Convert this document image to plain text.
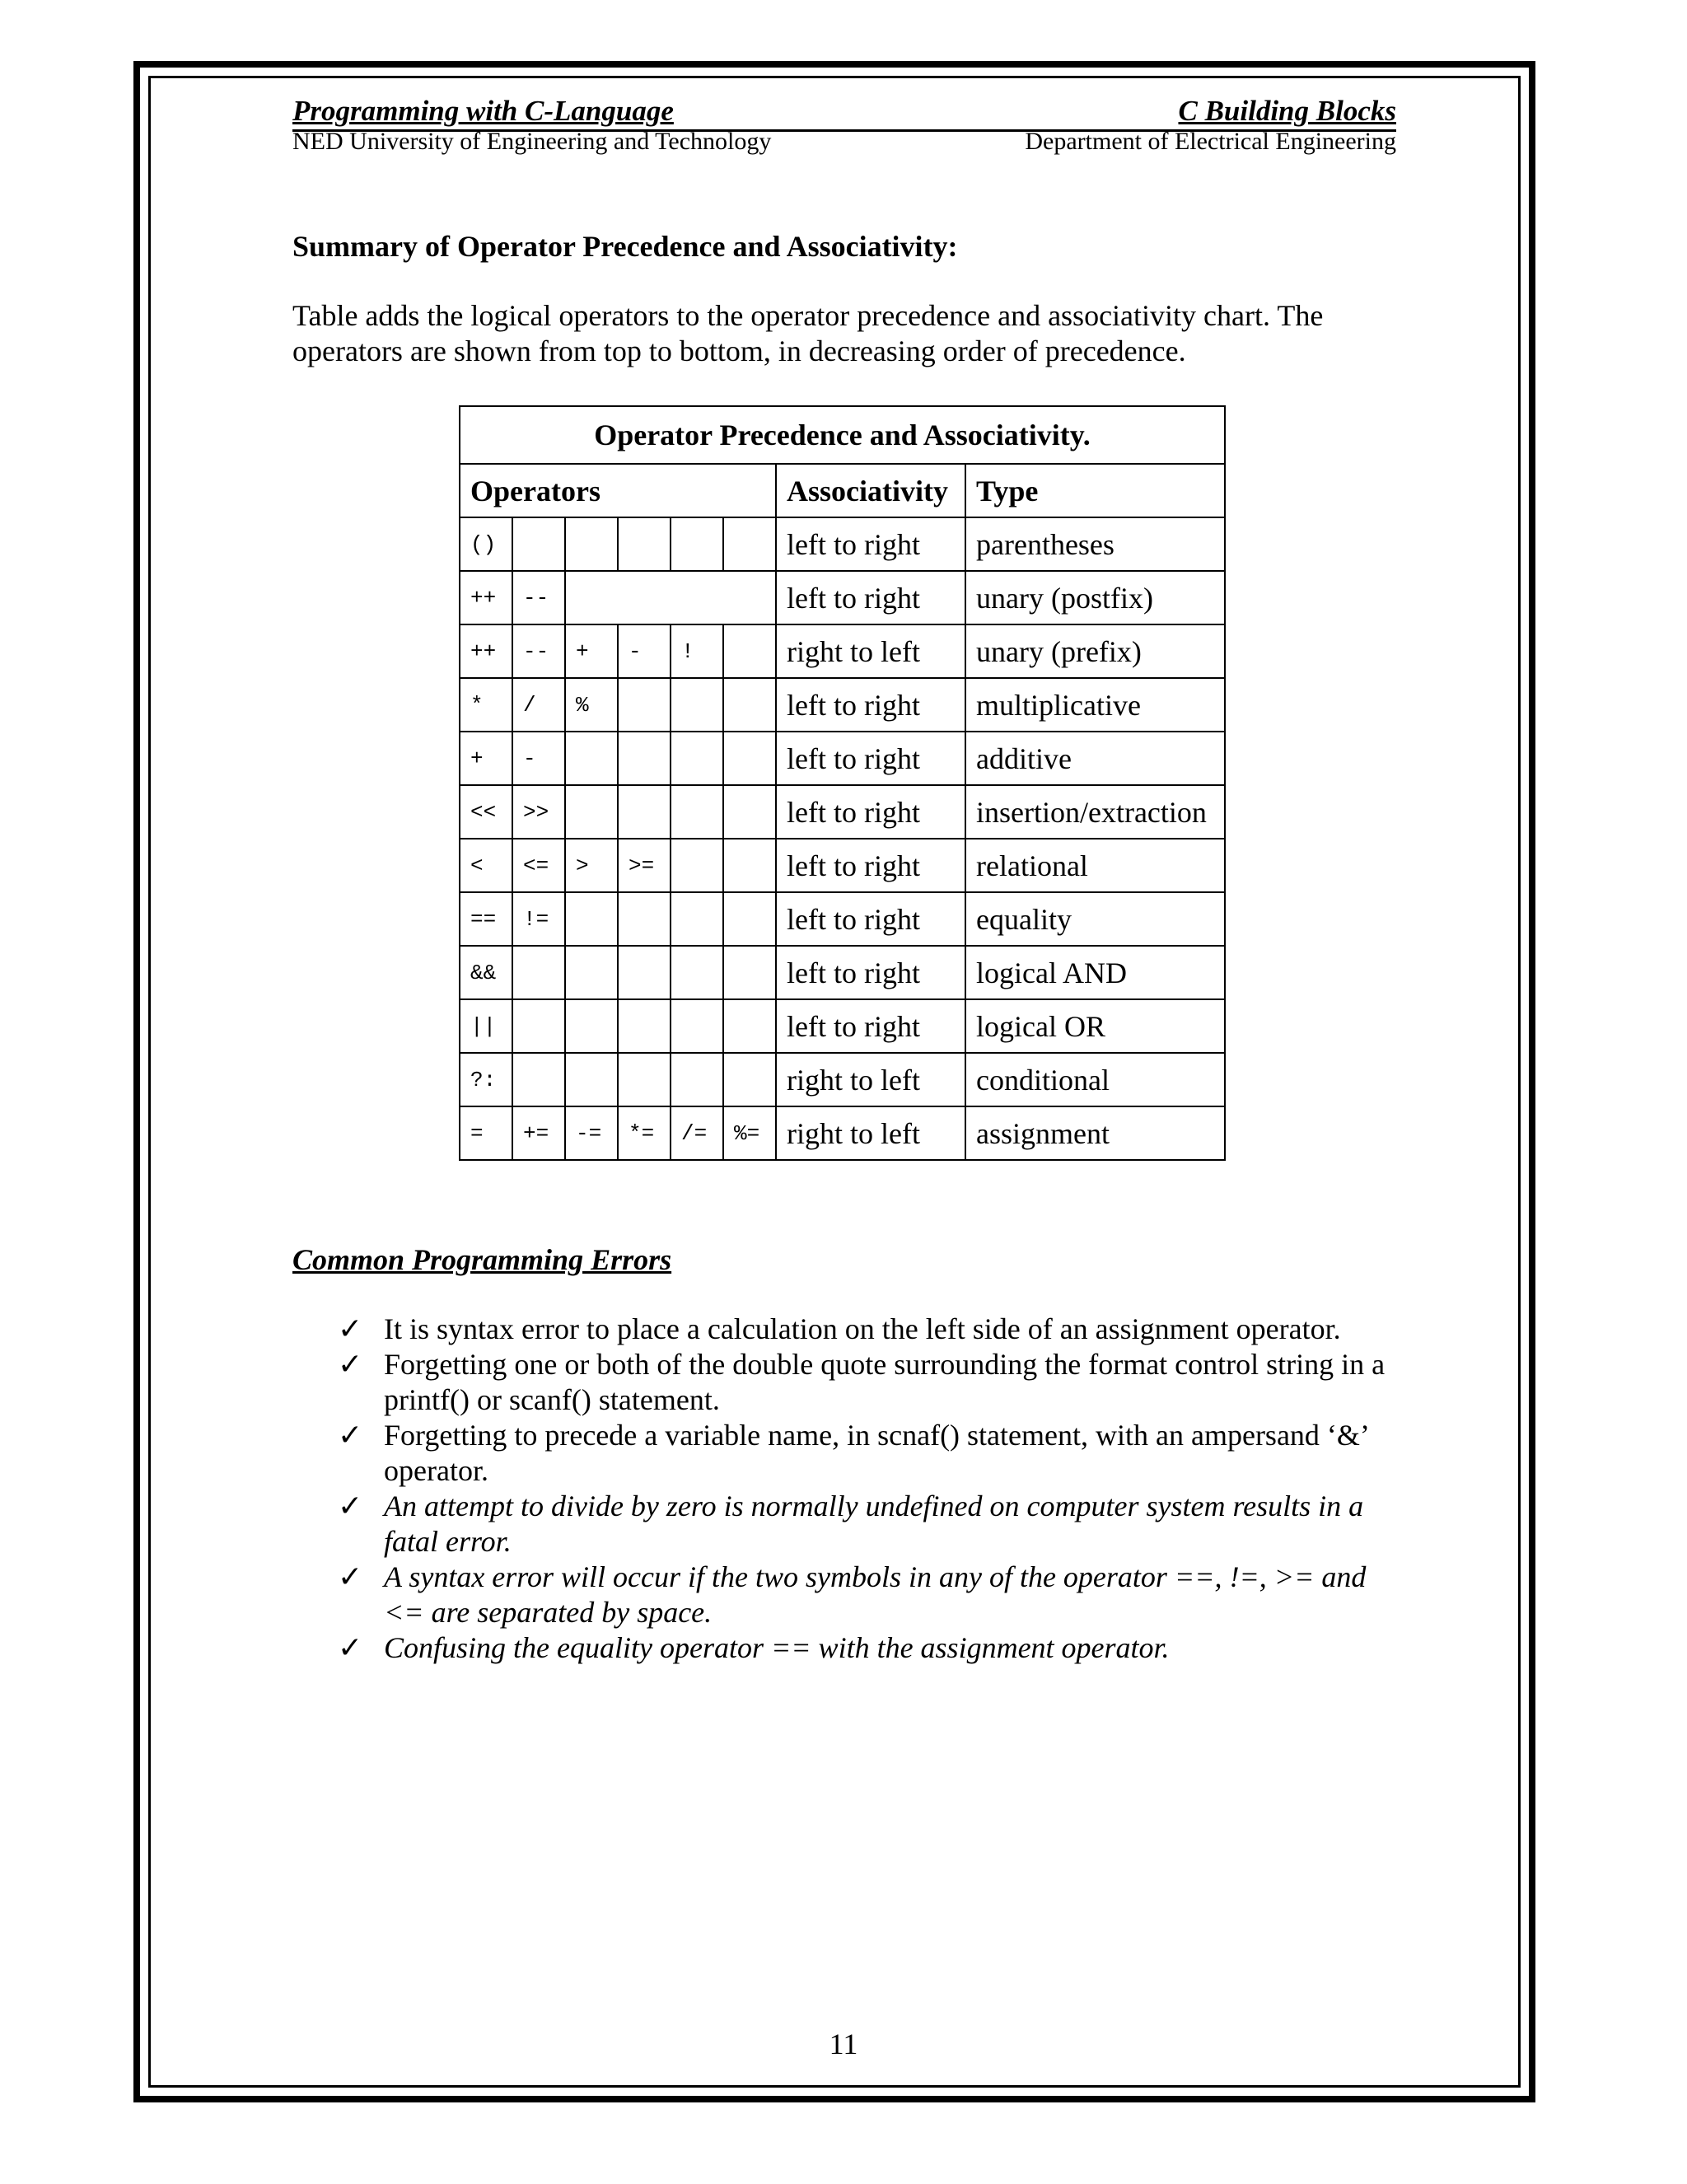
Programming with C-Language	C Building Blocks
NED University of Engineering and Technology	Department of Electrical Engineering
Summary of Operator Precedence and Associativity:
Table adds the logical operators to the operator precedence and associativity chart. The operators are shown from top to bottom, in decreasing order of precedence.
Operator Precedence and Associativity.							
Operators						Associativity	Type
()						left to right	parentheses
++	--					left to right	unary (postfix)
++	--	+	-	!		right to left	unary (prefix)
*	/	%				left to right	multiplicative
+	-					left to right	additive
<<	>>					left to right	insertion/extraction
<	<=	>	>=			left to right	relational
==	!=					left to right	equality
&&						left to right	logical AND
||						left to right	logical OR
?:						right to left	conditional
=	+=	-=	*=	/=	%=	right to left	assignment
Common Programming Errors
✓ It is syntax error to place a calculation on the left side of an assignment operator.
✓ Forgetting one or both of the double quote surrounding the format control string in a printf() or scanf() statement.
✓ Forgetting to precede a variable name, in scnaf() statement, with an ampersand ‘&’ operator.
✓ An attempt to divide by zero is normally undefined on computer system results in a fatal error.
✓ A syntax error will occur if the two symbols in any of the operator ==, !=, >= and <= are separated by space.
✓ Confusing the equality operator == with the assignment operator.
11
